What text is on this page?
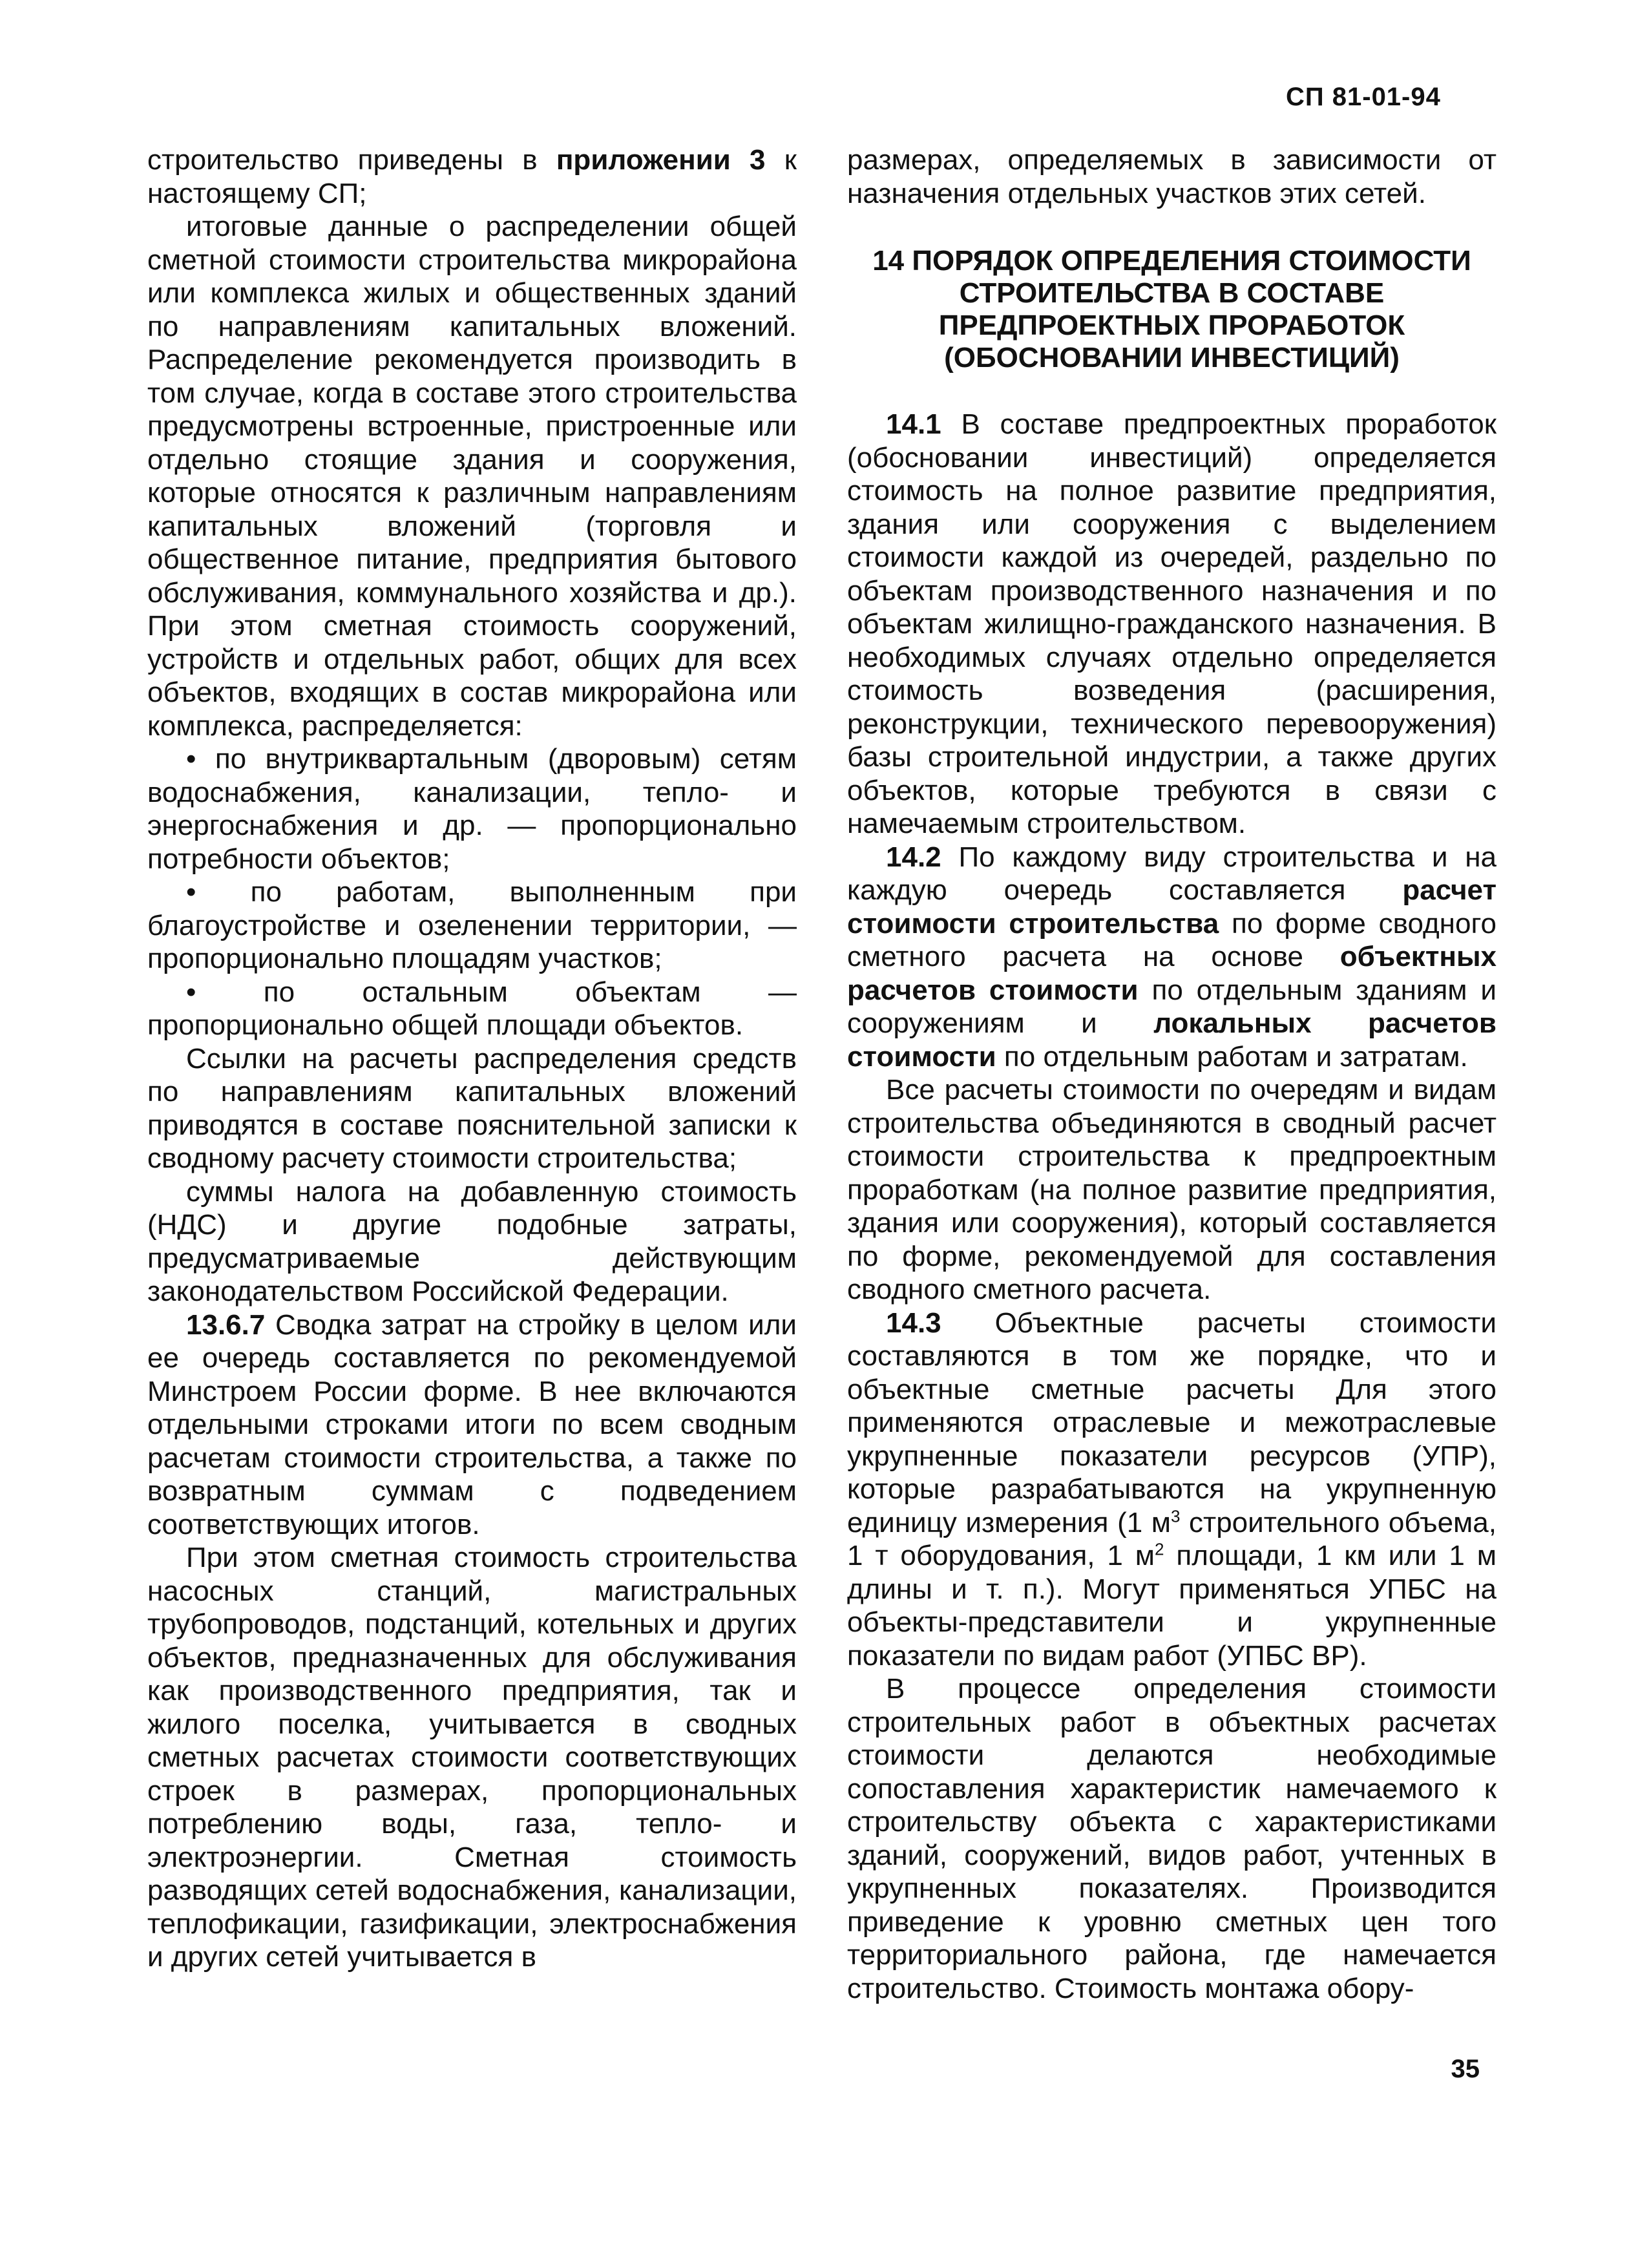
СП 81-01-94

строительство приведены в приложении 3 к настоящему СП;

итоговые данные о распределении общей сметной стоимости строительства микрорайона или комплекса жилых и общественных зданий по направлениям капитальных вложений. Распределение рекомендуется производить в том случае, когда в составе этого строительства предусмотрены встроенные, пристроенные или отдельно стоящие здания и сооружения, которые относятся к различным направлениям капитальных вложений (торговля и общественное питание, предприятия бытового обслуживания, коммунального хозяйства и др.). При этом сметная стоимость сооружений, устройств и отдельных работ, общих для всех объектов, входящих в состав микрорайона или комплекса, распределяется:

• по внутриквартальным (дворовым) сетям водоснабжения, канализации, тепло- и энергоснабжения и др. — пропорционально потребности объектов;

• по работам, выполненным при благоустройстве и озеленении территории, — пропорционально площадям участков;

• по остальным объектам — пропорционально общей площади объектов.

Ссылки на расчеты распределения средств по направлениям капитальных вложений приводятся в составе пояснительной записки к сводному расчету стоимости строительства;

суммы налога на добавленную стоимость (НДС) и другие подобные затраты, предусматриваемые действующим законодательством Российской Федерации.

13.6.7 Сводка затрат на стройку в целом или ее очередь составляется по рекомендуемой Минстроем России форме. В нее включаются отдельными строками итоги по всем сводным расчетам стоимости строительства, а также по возвратным суммам с подведением соответствующих итогов.

При этом сметная стоимость строительства насосных станций, магистральных трубопроводов, подстанций, котельных и других объектов, предназначенных для обслуживания как производственного предприятия, так и жилого поселка, учитывается в сводных сметных расчетах стоимости соответствующих строек в размерах, пропорциональных потреблению воды, газа, тепло- и электроэнергии. Сметная стоимость разводящих сетей водоснабжения, канализации, теплофикации, газификации, электроснабжения и других сетей учитывается в

размерах, определяемых в зависимости от назначения отдельных участков этих сетей.

14 ПОРЯДОК ОПРЕДЕЛЕНИЯ СТОИМОСТИ СТРОИТЕЛЬСТВА В СОСТАВЕ ПРЕДПРОЕКТНЫХ ПРОРАБОТОК (ОБОСНОВАНИИ ИНВЕСТИЦИЙ)

14.1 В составе предпроектных проработок (обосновании инвестиций) определяется стоимость на полное развитие предприятия, здания или сооружения с выделением стоимости каждой из очередей, раздельно по объектам производственного назначения и по объектам жилищно-гражданского назначения. В необходимых случаях отдельно определяется стоимость возведения (расширения, реконструкции, технического перевооружения) базы строительной индустрии, а также других объектов, которые требуются в связи с намечаемым строительством.

14.2 По каждому виду строительства и на каждую очередь составляется расчет стоимости строительства по форме сводного сметного расчета на основе объектных расчетов стоимости по отдельным зданиям и сооружениям и локальных расчетов стоимости по отдельным работам и затратам.

Все расчеты стоимости по очередям и видам строительства объединяются в сводный расчет стоимости строительства к предпроектным проработкам (на полное развитие предприятия, здания или сооружения), который составляется по форме, рекомендуемой для составления сводного сметного расчета.

14.3 Объектные расчеты стоимости составляются в том же порядке, что и объектные сметные расчеты Для этого применяются отраслевые и межотраслевые укрупненные показатели ресурсов (УПР), которые разрабатываются на укрупненную единицу измерения (1 $м^3$ строительного объема, 1 т оборудования, 1 $м^2$ площади, 1 км или 1 м длины и т. п.). Могут применяться УПБС на объекты-представители и укрупненные показатели по видам работ (УПБС ВР).

В процессе определения стоимости строительных работ в объектных расчетах стоимости делаются необходимые сопоставления характеристик намечаемого к строительству объекта с характеристиками зданий, сооружений, видов работ, учтенных в укрупненных показателях. Производится приведение к уровню сметных цен того территориального района, где намечается строительство. Стоимость монтажа обору-

35
